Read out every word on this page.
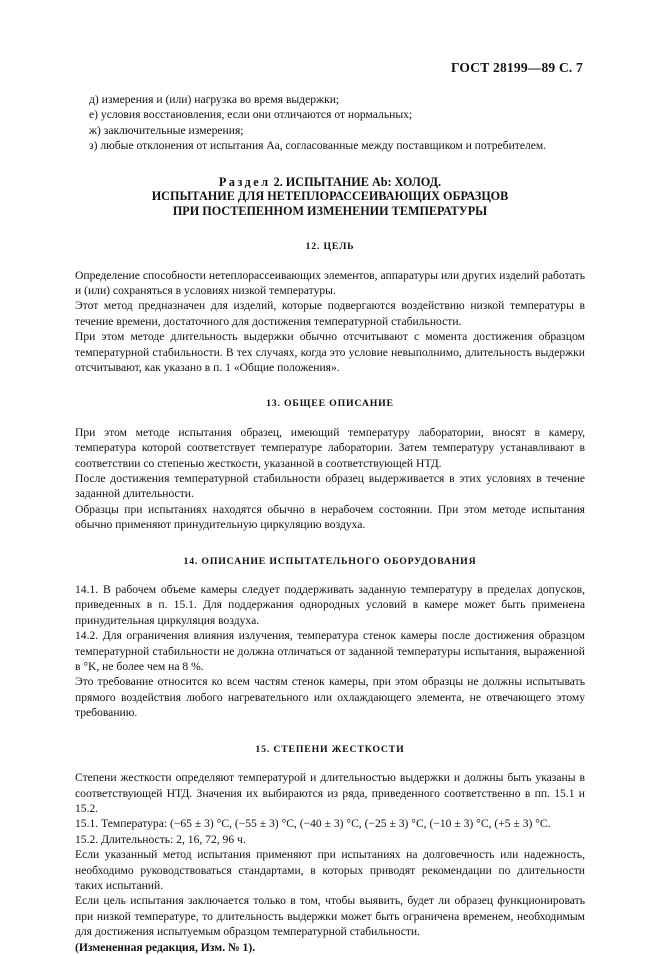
ГОСТ 28199—89 С. 7

д) измерения и (или) нагрузка во время выдержки;

е) условия восстановления, если они отличаются от нормальных;

ж) заключительные измерения;

з) любые отклонения от испытания Аа, согласованные между поставщиком и потребителем.

Раздел 2. ИСПЫТАНИЕ Ab: ХОЛОД.

ИСПЫТАНИЕ ДЛЯ НЕТЕПЛОРАССЕИВАЮЩИХ ОБРАЗЦОВ

ПРИ ПОСТЕПЕННОМ ИЗМЕНЕНИИ ТЕМПЕРАТУРЫ

12. ЦЕЛЬ

Определение способности нетеплорассеивающих элементов, аппаратуры или других изделий работать и (или) сохраняться в условиях низкой температуры.

Этот метод предназначен для изделий, которые подвергаются воздействию низкой температуры в течение времени, достаточного для достижения температурной стабильности.

При этом методе длительность выдержки обычно отсчитывают с момента достижения образцом температурной стабильности. В тех случаях, когда это условие невыполнимо, длительность выдержки отсчитывают, как указано в п. 1 «Общие положения».

13. ОБЩЕЕ ОПИСАНИЕ

При этом методе испытания образец, имеющий температуру лаборатории, вносят в камеру, температура которой соответствует температуре лаборатории. Затем температуру устанавливают в соответствии со степенью жесткости, указанной в соответствующей НТД.

После достижения температурной стабильности образец выдерживается в этих условиях в течение заданной длительности.

Образцы при испытаниях находятся обычно в нерабочем состоянии. При этом методе испытания обычно применяют принудительную циркуляцию воздуха.

14. ОПИСАНИЕ ИСПЫТАТЕЛЬНОГО ОБОРУДОВАНИЯ

14.1. В рабочем объеме камеры следует поддерживать заданную температуру в пределах допусков, приведенных в п. 15.1. Для поддержания однородных условий в камере может быть применена принудительная циркуляция воздуха.

14.2. Для ограничения влияния излучения, температура стенок камеры после достижения образцом температурной стабильности не должна отличаться от заданной температуры испытания, выраженной в °K, не более чем на 8 %.

Это требование относится ко всем частям стенок камеры, при этом образцы не должны испытывать прямого воздействия любого нагревательного или охлаждающего элемента, не отвечающего этому требованию.

15. СТЕПЕНИ ЖЕСТКОСТИ

Степени жесткости определяют температурой и длительностью выдержки и должны быть указаны в соответствующей НТД. Значения их выбираются из ряда, приведенного соответственно в пп. 15.1 и 15.2.

15.1. Температура: (−65 ± 3) °С, (−55 ± 3) °С, (−40 ± 3) °С, (−25 ± 3) °С, (−10 ± 3) °С, (+5 ± 3) °С.

15.2. Длительность: 2, 16, 72, 96 ч.

Если указанный метод испытания применяют при испытаниях на долговечность или надежность, необходимо руководствоваться стандартами, в которых приводят рекомендации по длительности таких испытаний.

Если цель испытания заключается только в том, чтобы выявить, будет ли образец функционировать при низкой температуре, то длительность выдержки может быть ограничена временем, необходимым для достижения испытуемым образцом температурной стабильности.

(Измененная редакция, Изм. № 1).
